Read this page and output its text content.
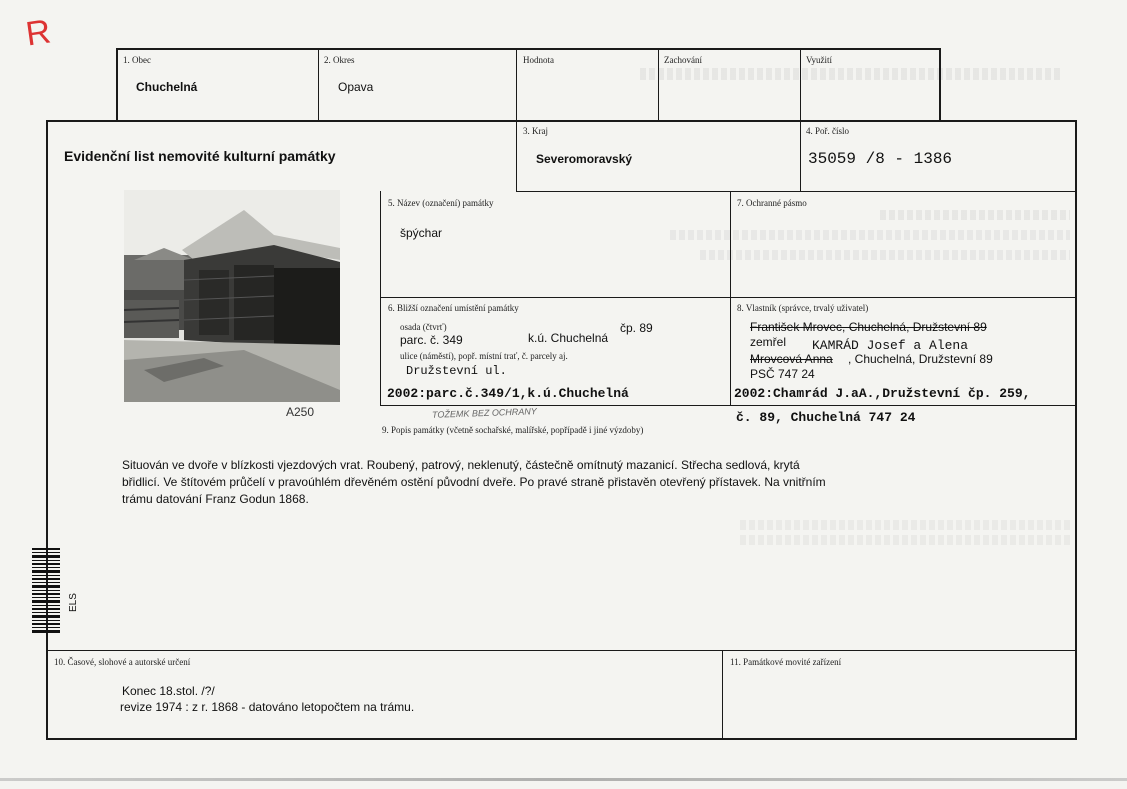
R
1. Obec
Chuchelná
2. Okres
Opava
Hodnota	Zachování	Využití
Evidenční list nemovité kulturní památky
3. Kraj
Severomoravský
4. Poř. číslo
35059 /8 - 1386
A250
5. Název (označení) památky
špýchar
7. Ochranné pásmo
6. Bližší označení umístění památky
osada (čtvrť)
parc. č. 349	k.ú. Chuchelná
čp. 89
ulice (náměstí), popř. místní trať, č. parcely aj.
Družstevní ul.
2002:parc.č.349/1,k.ú.Chuchelná
8. Vlastník (správce, trvalý uživatel)
František Mrovec, Chuchelná, Družstevní 89
zemřel KAMRÁD Josef a Alena
Mrovcová Anna , Chuchelná, Družstevní 89
PSČ 747 24
2002:Chamrád J.aA.,Družstevní čp. 259,
č. 89, Chuchelná 747 24
TOŽEMK BEZ OCHRANY
9. Popis památky (včetně sochařské, malířské, popřípadě i jiné výzdoby)
Situován ve dvoře v blízkosti vjezdových vrat. Roubený, patrový, neklenutý, částečně omítnutý mazanicí. Střecha sedlová, krytá
břidlicí. Ve štítovém průčelí v pravoúhlém dřevěném ostění původní dveře. Po pravé straně přistavěn otevřený přístavek. Na vnitřním
trámu datování Franz Godun 1868.
ELS
10. Časové, slohové a autorské určení
Konec 18.stol. /?/
revize 1974 : z r. 1868 - datováno letopočtem na trámu.
11. Památkové movité zařízení
